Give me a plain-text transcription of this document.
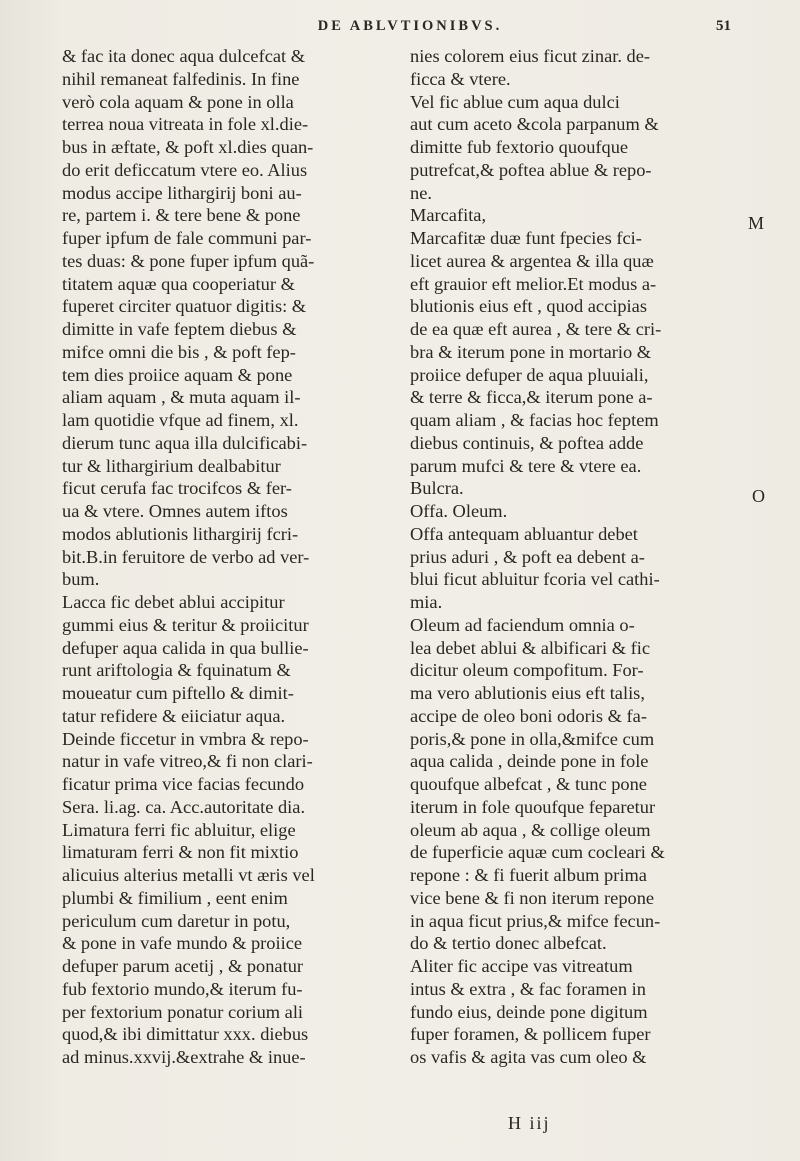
DE ABLVTIONIBVS.	51
& fac ita donec aqua dulcefcat &
nihil remaneat falfedinis. In fine
verò cola aquam & pone in olla
terrea noua vitreata in fole xl.die-
bus in æftate, & poft xl.dies quan-
do erit deficcatum vtere eo. Alius
modus accipe lithargirij boni au-
re, partem i. & tere bene & pone
fuper ipfum de fale communi par-
tes duas: & pone fuper ipfum quã-
titatem aquæ qua cooperiatur &
fuperet circiter quatuor digitis: &
dimitte in vafe feptem diebus &
mifce omni die bis , & poft fep-
tem dies proiice aquam & pone
aliam aquam , & muta aquam il-
lam quotidie vfque ad finem, xl.
dierum tunc aqua illa dulcificabi-
tur & lithargirium dealbabitur
ficut cerufa fac trocifcos & fer-
ua & vtere. Omnes autem iftos
modos ablutionis lithargirij fcri-
bit.B.in feruitore de verbo ad ver-
bum.
Lacca fic debet ablui accipitur
gummi eius & teritur & proiicitur
defuper aqua calida in qua bullie-
runt ariftologia & fquinatum &
moueatur cum piftello & dimit-
tatur refidere & eiiciatur aqua.
Deinde ficcetur in vmbra & repo-
natur in vafe vitreo,& fi non clari-
ficatur prima vice facias fecundo
Sera. li.ag. ca. Acc.autoritate dia.
Limatura ferri fic abluitur, elige
limaturam ferri & non fit mixtio
alicuius alterius metalli vt æris vel
plumbi & fimilium , eent enim
periculum cum daretur in potu,
& pone in vafe mundo & proiice
defuper parum acetij , & ponatur
fub fextorio mundo,& iterum fu-
per fextorium ponatur corium ali
quod,& ibi dimittatur xxx. diebus
ad minus.xxvij.&extrahe & inue-
nies colorem eius ficut zinar. de-
ficca & vtere.
Vel fic ablue cum aqua dulci
aut cum aceto &cola parpanum &
dimitte fub fextorio quoufque
putrefcat,& poftea ablue & repo-
ne.
Marcafita,
Marcafitæ duæ funt fpecies fci-
licet aurea & argentea & illa quæ
eft grauior eft melior.Et modus a-
blutionis eius eft , quod accipias
de ea quæ eft aurea , & tere & cri-
bra & iterum pone in mortario &
proiice defuper de aqua pluuiali,
& terre & ficca,& iterum pone a-
quam aliam , & facias hoc feptem
diebus continuis, & poftea adde
parum mufci & tere & vtere ea.
Bulcra.
Offa. Oleum.
Offa antequam abluantur debet
prius aduri , & poft ea debent a-
blui ficut abluitur fcoria vel cathi-
mia.
Oleum ad faciendum omnia o-
lea debet ablui & albificari & fic
dicitur oleum compofitum. For-
ma vero ablutionis eius eft talis,
accipe de oleo boni odoris & fa-
poris,& pone in olla,&mifce cum
aqua calida , deinde pone in fole
quoufque albefcat , & tunc pone
iterum in fole quoufque feparetur
oleum ab aqua , & collige oleum
de fuperficie aquæ cum cocleari &
repone : & fi fuerit album prima
vice bene & fi non iterum repone
in aqua ficut prius,& mifce fecun-
do & tertio donec albefcat.
Aliter fic accipe vas vitreatum
intus & extra , & fac foramen in
fundo eius, deinde pone digitum
fuper foramen, & pollicem fuper
os vafis & agita vas cum oleo &
M
O
H iij
